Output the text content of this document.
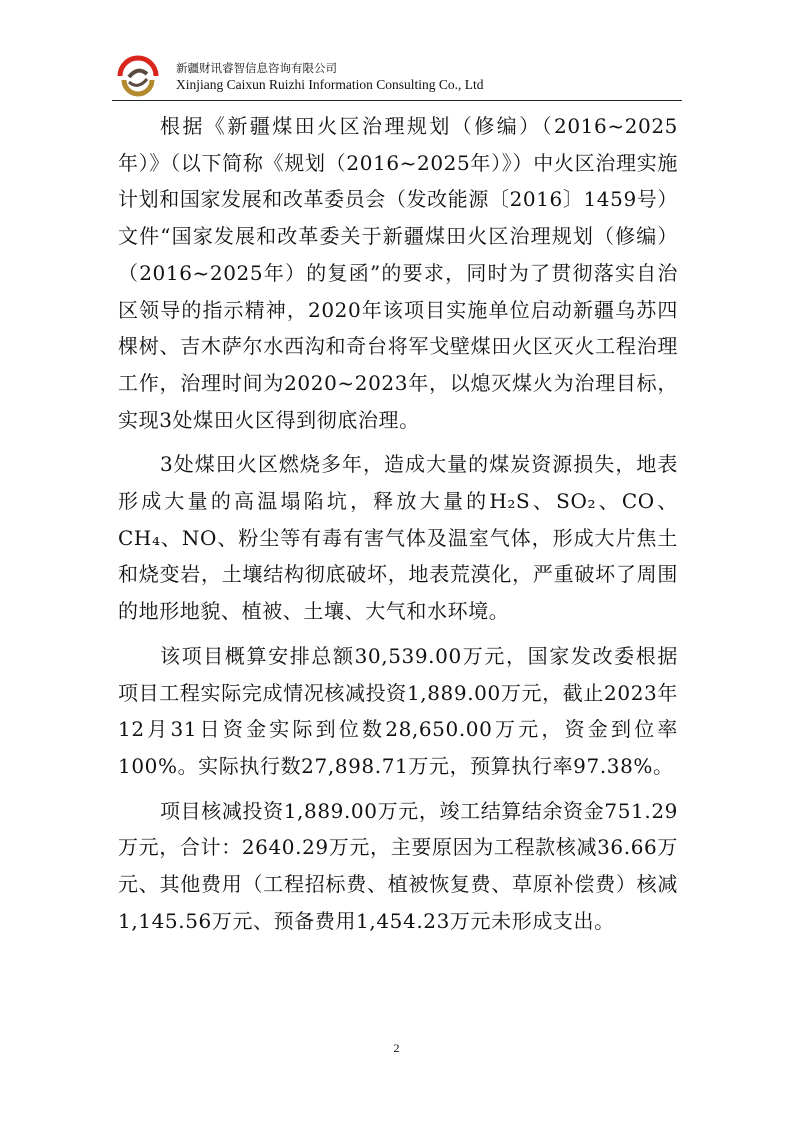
新疆财讯睿智信息咨询有限公司
Xinjiang Caixun Ruizhi Information Consulting Co., Ltd

根据《新疆煤田火区治理规划（修编）（2016~2025年）》（以下简称《规划（2016~2025年）》）中火区治理实施计划和国家发展和改革委员会（发改能源〔2016〕1459号）文件“国家发展和改革委关于新疆煤田火区治理规划（修编）（2016~2025年）的复函”的要求，同时为了贯彻落实自治区领导的指示精神，2020年该项目实施单位启动新疆乌苏四棵树、吉木萨尔水西沟和奇台将军戈壁煤田火区灭火工程治理工作，治理时间为2020~2023年，以熄灭煤火为治理目标，实现3处煤田火区得到彻底治理。

3处煤田火区燃烧多年，造成大量的煤炭资源损失，地表形成大量的高温塌陷坑，释放大量的H₂S、SO₂、CO、CH₄、NO、粉尘等有毒有害气体及温室气体，形成大片焦土和烧变岩，土壤结构彻底破坏，地表荒漠化，严重破坏了周围的地形地貌、植被、土壤、大气和水环境。

该项目概算安排总额30,539.00万元，国家发改委根据项目工程实际完成情况核减投资1,889.00万元，截止2023年12月31日资金实际到位数28,650.00万元，资金到位率100%。实际执行数27,898.71万元，预算执行率97.38%。

项目核减投资1,889.00万元，竣工结算结余资金751.29万元，合计：2640.29万元，主要原因为工程款核减36.66万元、其他费用（工程招标费、植被恢复费、草原补偿费）核减1,145.56万元、预备费用1,454.23万元未形成支出。

2
